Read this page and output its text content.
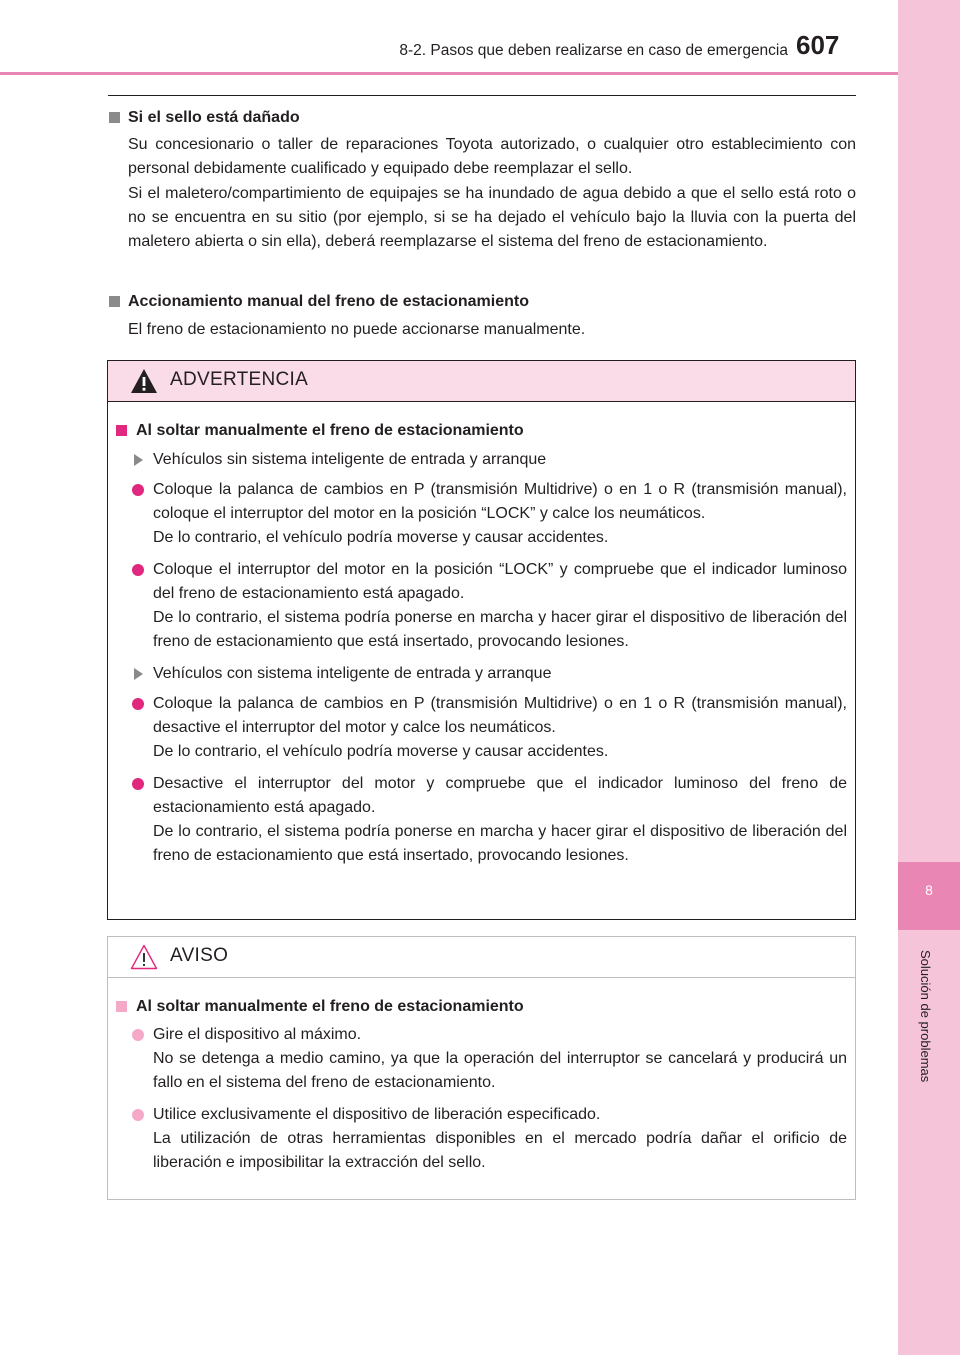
8
Solución de problemas
8-2. Pasos que deben realizarse en caso de emergencia 607
Si el sello está dañado
Su concesionario o taller de reparaciones Toyota autorizado, o cualquier otro establecimiento con personal debidamente cualificado y equipado debe reemplazar el sello.
Si el maletero/compartimiento de equipajes se ha inundado de agua debido a que el sello está roto o no se encuentra en su sitio (por ejemplo, si se ha dejado el vehículo bajo la lluvia con la puerta del maletero abierta o sin ella), deberá reemplazarse el sistema del freno de estacionamiento.
Accionamiento manual del freno de estacionamiento
El freno de estacionamiento no puede accionarse manualmente.
ADVERTENCIA
Al soltar manualmente el freno de estacionamiento
Vehículos sin sistema inteligente de entrada y arranque
Coloque la palanca de cambios en P (transmisión Multidrive) o en 1 o R (transmisión manual), coloque el interruptor del motor en la posición “LOCK” y calce los neumáticos.
De lo contrario, el vehículo podría moverse y causar accidentes.
Coloque el interruptor del motor en la posición “LOCK” y compruebe que el indicador luminoso del freno de estacionamiento está apagado.
De lo contrario, el sistema podría ponerse en marcha y hacer girar el dispositivo de liberación del freno de estacionamiento que está insertado, provocando lesiones.
Vehículos con sistema inteligente de entrada y arranque
Coloque la palanca de cambios en P (transmisión Multidrive) o en 1 o R (transmisión manual), desactive el interruptor del motor y calce los neumáticos.
De lo contrario, el vehículo podría moverse y causar accidentes.
Desactive el interruptor del motor y compruebe que el indicador luminoso del freno de estacionamiento está apagado.
De lo contrario, el sistema podría ponerse en marcha y hacer girar el dispositivo de liberación del freno de estacionamiento que está insertado, provocando lesiones.
AVISO
Al soltar manualmente el freno de estacionamiento
Gire el dispositivo al máximo.
No se detenga a medio camino, ya que la operación del interruptor se cancelará y producirá un fallo en el sistema del freno de estacionamiento.
Utilice exclusivamente el dispositivo de liberación especificado.
La utilización de otras herramientas disponibles en el mercado podría dañar el orificio de liberación e imposibilitar la extracción del sello.
